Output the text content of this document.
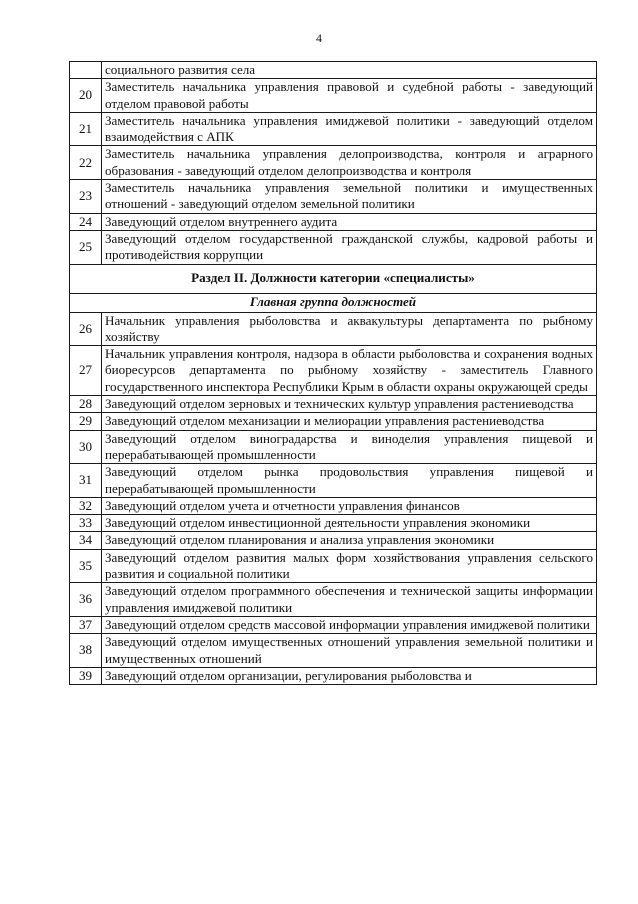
4
	социального развития села
20	Заместитель начальника управления правовой и судебной работы - заведующий отделом правовой работы
21	Заместитель начальника управления имиджевой политики - заведующий отделом взаимодействия с АПК
22	Заместитель начальника управления делопроизводства, контроля и аграрного образования - заведующий отделом делопроизводства и контроля
23	Заместитель начальника управления земельной политики и имущественных отношений - заведующий отделом земельной политики
24	Заведующий отделом внутреннего аудита
25	Заведующий отделом государственной гражданской службы, кадровой работы и противодействия коррупции
Раздел II. Должности категории «специалисты»	
Главная группа должностей	
26	Начальник управления рыболовства и аквакультуры департамента по рыбному хозяйству
27	Начальник управления контроля, надзора в области рыболовства и сохранения водных биоресурсов департамента по рыбному хозяйству - заместитель Главного государственного инспектора Республики Крым в области охраны окружающей среды
28	Заведующий отделом зерновых и технических культур управления растениеводства
29	Заведующий отделом механизации и мелиорации управления растениеводства
30	Заведующий отделом виноградарства и виноделия управления пищевой и перерабатывающей промышленности
31	Заведующий отделом рынка продовольствия управления пищевой и перерабатывающей промышленности
32	Заведующий отделом учета и отчетности управления финансов
33	Заведующий отделом инвестиционной деятельности управления экономики
34	Заведующий отделом планирования и анализа управления экономики
35	Заведующий отделом развития малых форм хозяйствования управления сельского развития и социальной политики
36	Заведующий отделом программного обеспечения и технической защиты информации управления имиджевой политики
37	Заведующий отделом средств массовой информации управления имиджевой политики
38	Заведующий отделом имущественных отношений управления земельной политики и имущественных отношений
39	Заведующий отделом организации, регулирования рыболовства и
